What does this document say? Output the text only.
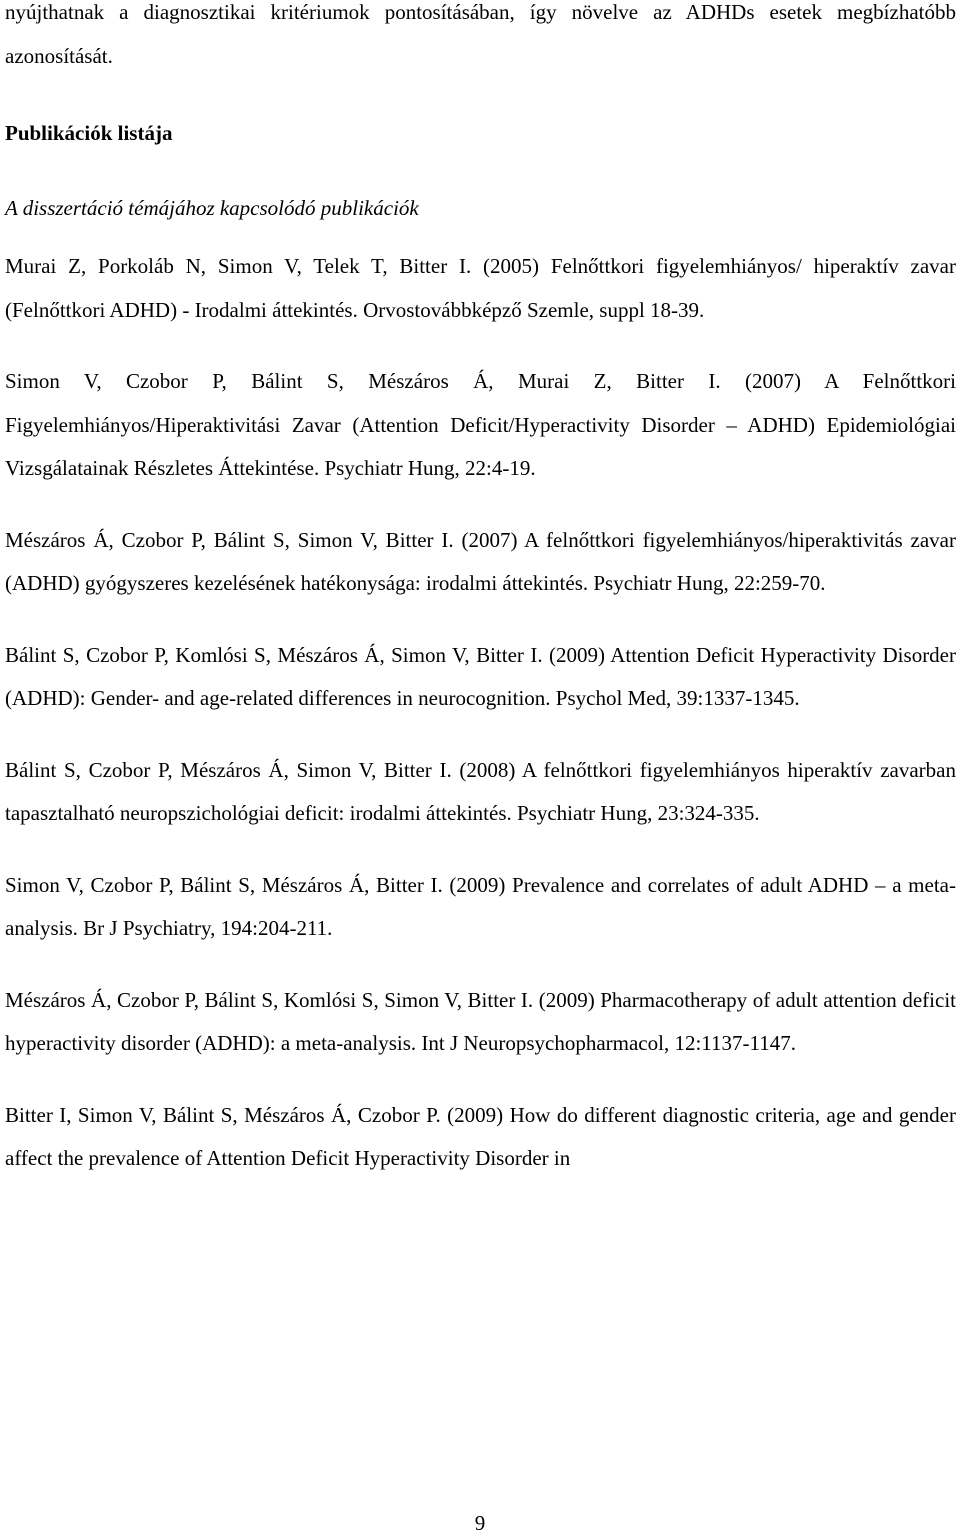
nyújthatnak a diagnosztikai kritériumok pontosításában, így növelve az ADHDs esetek megbízhatóbb azonosítását.

Publikációk listája

A disszertáció témájához kapcsolódó publikációk

Murai Z, Porkoláb N, Simon V, Telek T, Bitter I. (2005) Felnőttkori figyelemhiányos/ hiperaktív zavar (Felnőttkori ADHD) - Irodalmi áttekintés. Orvostovábbképző Szemle, suppl 18-39.

Simon V, Czobor P, Bálint S, Mészáros Á, Murai Z, Bitter I. (2007) A Felnőttkori Figyelemhiányos/Hiperaktivitási Zavar (Attention Deficit/Hyperactivity Disorder – ADHD) Epidemiológiai Vizsgálatainak Részletes Áttekintése. Psychiatr Hung, 22:4-19.

Mészáros Á, Czobor P, Bálint S, Simon V, Bitter I. (2007) A felnőttkori figyelemhiányos/hiperaktivitás zavar (ADHD) gyógyszeres kezelésének hatékonysága: irodalmi áttekintés. Psychiatr Hung, 22:259-70.

Bálint S, Czobor P, Komlósi S, Mészáros Á, Simon V, Bitter I. (2009) Attention Deficit Hyperactivity Disorder (ADHD): Gender- and age-related differences in neurocognition. Psychol Med, 39:1337-1345.

Bálint S, Czobor P, Mészáros Á, Simon V, Bitter I. (2008) A felnőttkori figyelemhiányos hiperaktív zavarban tapasztalható neuropszichológiai deficit: irodalmi áttekintés. Psychiatr Hung, 23:324-335.

Simon V, Czobor P, Bálint S, Mészáros Á, Bitter I. (2009) Prevalence and correlates of adult ADHD – a meta-analysis. Br J Psychiatry, 194:204-211.

Mészáros Á, Czobor P, Bálint S, Komlósi S, Simon V, Bitter I. (2009) Pharmacotherapy of adult attention deficit hyperactivity disorder (ADHD): a meta-analysis. Int J Neuropsychopharmacol, 12:1137-1147.

Bitter I, Simon V, Bálint S, Mészáros Á, Czobor P. (2009) How do different diagnostic criteria, age and gender affect the prevalence of Attention Deficit Hyperactivity Disorder in

9
